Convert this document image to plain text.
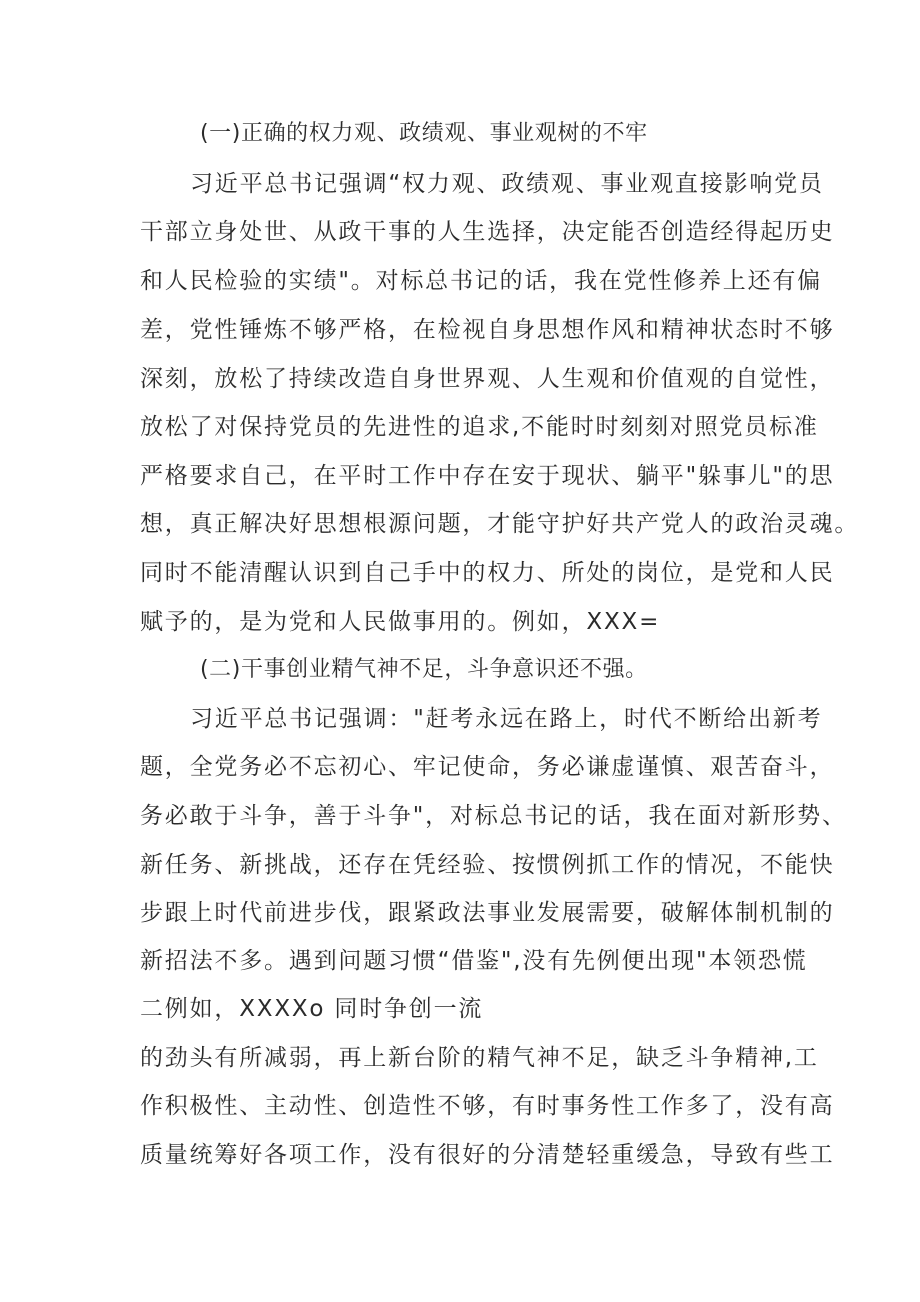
(一)正确的权力观、政绩观、事业观树的不牢
习近平总书记强调“权力观、政绩观、事业观直接影响党员
干部立身处世、从政干事的人生选择，决定能否创造经得起历史
和人民检验的实绩"。对标总书记的话，我在党性修养上还有偏
差，党性锤炼不够严格，在检视自身思想作风和精神状态时不够
深刻，放松了持续改造自身世界观、人生观和价值观的自觉性，
放松了对保持党员的先进性的追求,不能时时刻刻对照党员标准
严格要求自己，在平时工作中存在安于现状、躺平"躲事儿"的思
想，真正解决好思想根源问题，才能守护好共产党人的政治灵魂。
同时不能清醒认识到自己手中的权力、所处的岗位，是党和人民
赋予的，是为党和人民做事用的。例如，XXX=
(二)干事创业精气神不足，斗争意识还不强。
习近平总书记强调："赶考永远在路上，时代不断给出新考
题，全党务必不忘初心、牢记使命，务必谦虚谨慎、艰苦奋斗，
务必敢于斗争，善于斗争"，对标总书记的话，我在面对新形势、
新任务、新挑战，还存在凭经验、按惯例抓工作的情况，不能快
步跟上时代前进步伐，跟紧政法事业发展需要，破解体制机制的
新招法不多。遇到问题习惯“借鉴",没有先例便出现"本领恐慌
二例如，XXXXo 同时争创一流
的劲头有所减弱，再上新台阶的精气神不足，缺乏斗争精神,工
作积极性、主动性、创造性不够，有时事务性工作多了，没有高
质量统筹好各项工作，没有很好的分清楚轻重缓急，导致有些工
